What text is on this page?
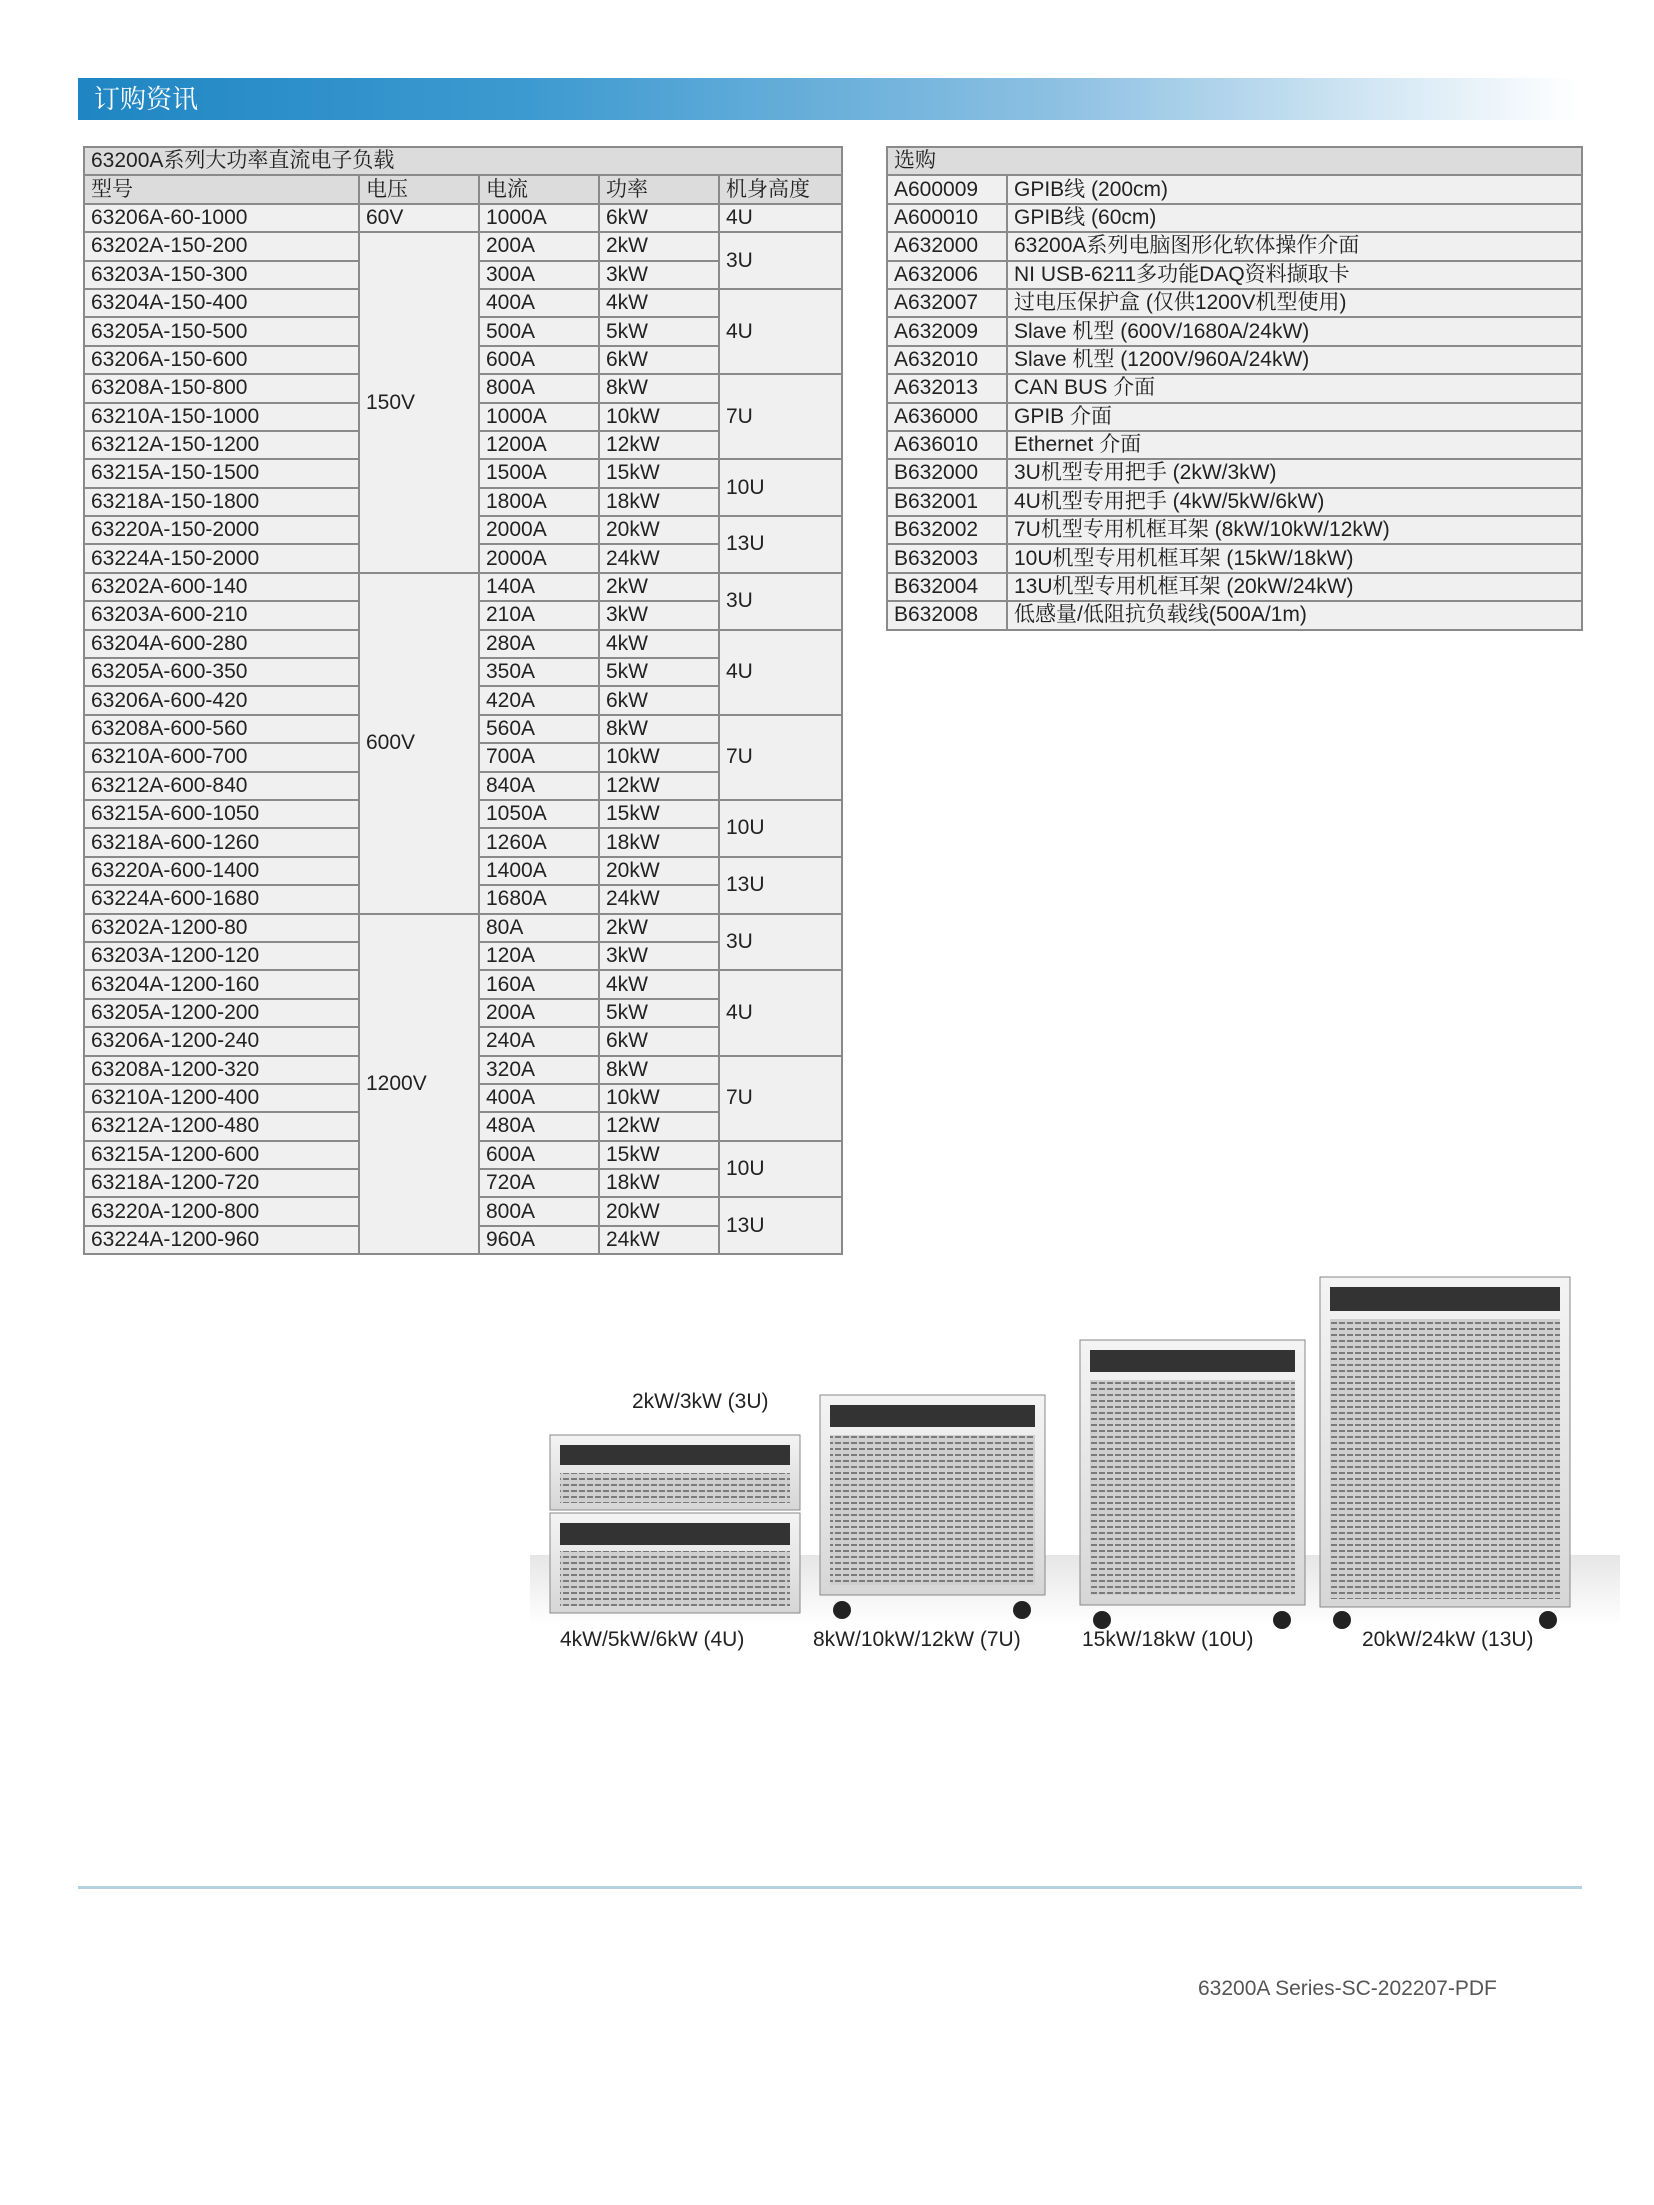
订购资讯
63200A系列大功率直流电子负载				
型号	电压	电流	功率	机身高度
63206A-60-1000	60V	1000A	6kW	4U
63202A-150-200	150V	200A	2kW	3U
63203A-150-300		300A	3kW	
63204A-150-400		400A	4kW	4U
63205A-150-500		500A	5kW	
63206A-150-600		600A	6kW	
63208A-150-800		800A	8kW	7U
63210A-150-1000		1000A	10kW	
63212A-150-1200		1200A	12kW	
63215A-150-1500		1500A	15kW	10U
63218A-150-1800		1800A	18kW	
63220A-150-2000		2000A	20kW	13U
63224A-150-2000		2000A	24kW	
63202A-600-140	600V	140A	2kW	3U
63203A-600-210		210A	3kW	
63204A-600-280		280A	4kW	4U
63205A-600-350		350A	5kW	
63206A-600-420		420A	6kW	
63208A-600-560		560A	8kW	7U
63210A-600-700		700A	10kW	
63212A-600-840		840A	12kW	
63215A-600-1050		1050A	15kW	10U
63218A-600-1260		1260A	18kW	
63220A-600-1400		1400A	20kW	13U
63224A-600-1680		1680A	24kW	
63202A-1200-80	1200V	80A	2kW	3U
63203A-1200-120		120A	3kW	
63204A-1200-160		160A	4kW	4U
63205A-1200-200		200A	5kW	
63206A-1200-240		240A	6kW	
63208A-1200-320		320A	8kW	7U
63210A-1200-400		400A	10kW	
63212A-1200-480		480A	12kW	
63215A-1200-600		600A	15kW	10U
63218A-1200-720		720A	18kW	
63220A-1200-800		800A	20kW	13U
63224A-1200-960		960A	24kW	
选购	
A600009	GPIB线 (200cm)
A600010	GPIB线 (60cm)
A632000	63200A系列电脑图形化软体操作介面
A632006	NI USB-6211多功能DAQ资料撷取卡
A632007	过电压保护盒 (仅供1200V机型使用)
A632009	Slave 机型 (600V/1680A/24kW)
A632010	Slave 机型 (1200V/960A/24kW)
A632013	CAN BUS 介面
A636000	GPIB 介面
A636010	Ethernet 介面
B632000	3U机型专用把手 (2kW/3kW)
B632001	4U机型专用把手 (4kW/5kW/6kW)
B632002	7U机型专用机框耳架 (8kW/10kW/12kW)
B632003	10U机型专用机框耳架 (15kW/18kW)
B632004	13U机型专用机框耳架 (20kW/24kW)
B632008	低感量/低阻抗负载线(500A/1m)
2kW/3kW (3U)
4kW/5kW/6kW (4U)	8kW/10kW/12kW (7U)	15kW/18kW (10U)	20kW/24kW (13U)
63200A Series-SC-202207-PDF
